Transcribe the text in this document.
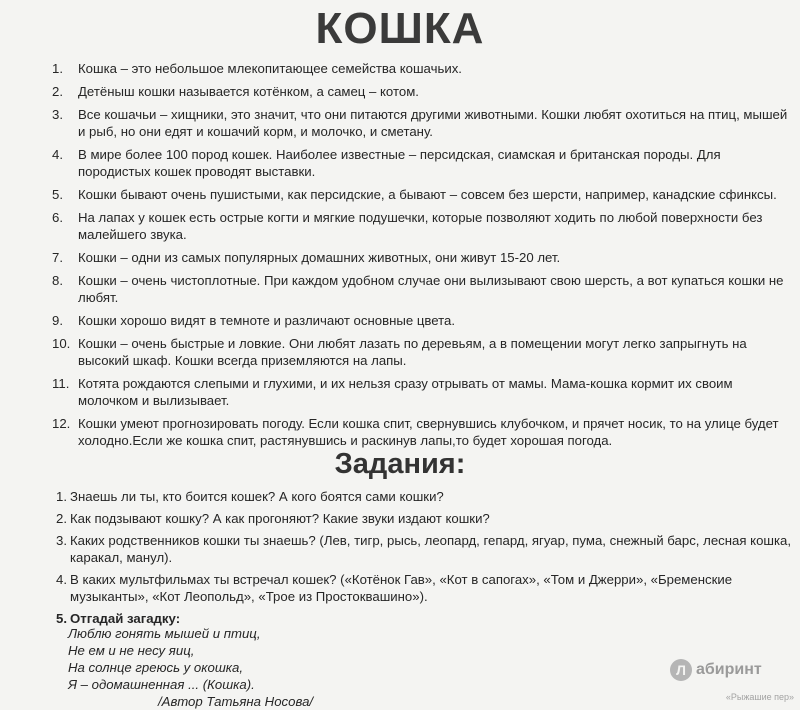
КОШКА
1.	Кошка – это небольшое млекопитающее семейства кошачьих.
2.	Детёныш кошки называется котёнком, а самец – котом.
3.	Все кошачьи – хищники, это значит, что они питаются другими животными. Кошки любят охотиться на птиц, мышей и рыб, но они едят и кошачий корм, и молочко, и сметану.
4.	В мире более 100 пород кошек. Наиболее известные – персидская, сиамская и британская породы. Для породистых кошек проводят выставки.
5.	Кошки бывают очень пушистыми, как персидские, а бывают – совсем без шерсти, например, канадские сфинксы.
6.	На лапах у кошек есть острые когти и мягкие подушечки, которые позволяют ходить по любой поверхности без малейшего звука.
7.	Кошки – одни из самых популярных домашних животных, они живут 15-20 лет.
8.	Кошки – очень чистоплотные. При каждом удобном случае они вылизывают свою шерсть, а вот купаться кошки не любят.
9.	Кошки хорошо видят в темноте и различают основные цвета.
10. Кошки – очень быстрые и ловкие. Они любят лазать по деревьям, а в помещении могут легко запрыгнуть на высокий шкаф. Кошки всегда приземляются на лапы.
11. Котята рождаются слепыми и глухими, и их нельзя сразу отрывать от мамы. Мама-кошка кормит их своим молочком и вылизывает.
12. Кошки умеют прогнозировать погоду. Если кошка спит, свернувшись клубочком, и прячет носик, то на улице будет холодно.Если же кошка спит, растянувшись и раскинув лапы,то будет хорошая погода.
Задания:
1. Знаешь ли ты, кто боится кошек? А кого боятся сами кошки?
2. Как подзывают кошку? А как прогоняют? Какие звуки издают кошки?
3. Каких родственников кошки ты знаешь? (Лев, тигр, рысь, леопард, гепард, ягуар, пума, снежный барс, лесная кошка, каракал, манул).
4. В каких мультфильмах ты встречал кошек? («Котёнок Гав», «Кот в сапогах», «Том и Джерри», «Бременские музыканты», «Кот Леопольд», «Трое из Простоквашино»).
5. Отгадай загадку:
Люблю гонять мышей и птиц,
Не ем и не несу яиц,
На солнце греюсь у окошка,
Я – одомашненная ... (Кошка).
/Автор Татьяна Носова/
Л абиринт
«Рыжашие пер»
